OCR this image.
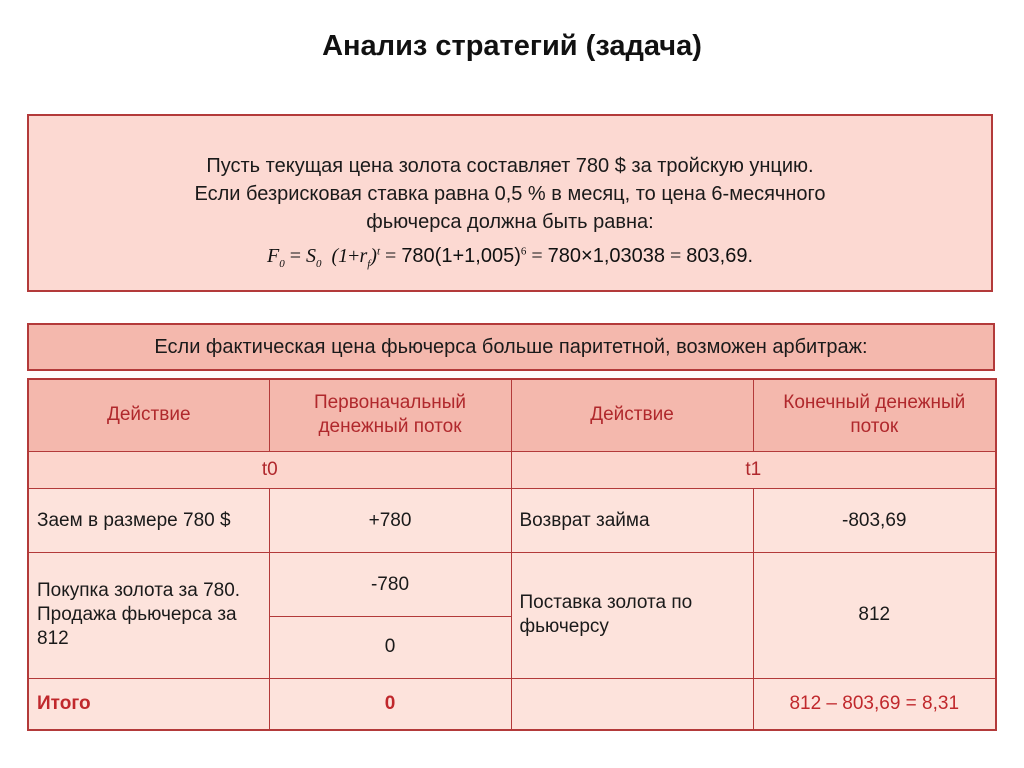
Анализ стратегий (задача)
Пусть текущая цена золота составляет 780 $ за тройскую унцию.
Если безрисковая ставка равна 0,5 % в месяц, то цена 6-месячного
фьючерса должна быть равна:
$F_0 = S_0$ $(1+r_f)^t = 780(1+1,005)^6 = 780\times 1,03038 = 803,69$.
Если фактическая цена фьючерса больше паритетной, возможен арбитраж:
Действие	Первоначальный денежный поток	Действие	Конечный денежный поток
t0		t1	
Заем в размере 780 $	+780	Возврат займа	-803,69

Покупка золота за 780.
Продажа фьючерса за 812	-780	Поставка золота по фьючерсу	812
	0		
Итого	0		812 – 803,69 = 8,31
